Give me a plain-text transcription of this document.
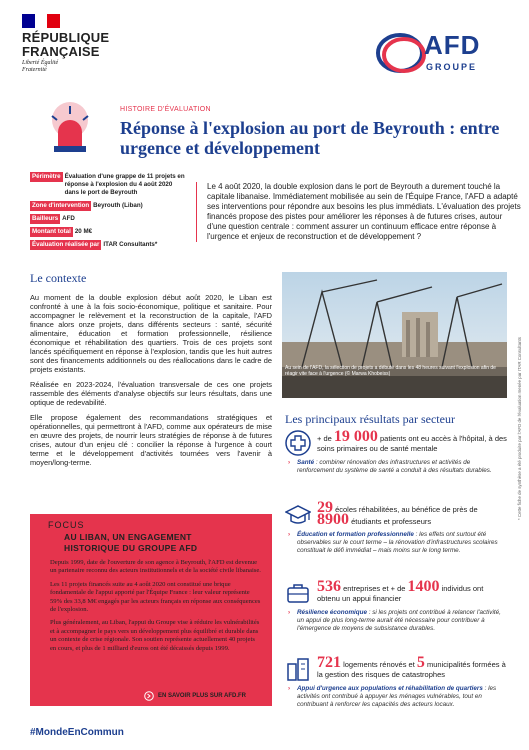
RÉPUBLIQUE FRANÇAISE
Liberté Égalité Fraternité
AFD
GROUPE
HISTOIRE D'ÉVALUATION
Réponse à l'explosion au port de Beyrouth : entre urgence et développement
Périmètre Évaluation d'une grappe de 11 projets en réponse à l'explosion du 4 août 2020 dans le port de Beyrouth
Zone d'intervention Beyrouth (Liban)
Bailleurs AFD
Montant total 20 M€
Évaluation réalisée par ITAR Consultants*
Le 4 août 2020, la double explosion dans le port de Beyrouth a durement touché la capitale libanaise. Immédiatement mobilisée au sein de l'Équipe France, l'AFD a adapté ses interventions pour répondre aux besoins les plus immédiats. L'évaluation des projets financés propose des pistes pour améliorer les réponses à de futures crises, autour d'une question centrale : comment assurer un continuum efficace entre réponse à l'urgence et enjeux de reconstruction et de développement ?
Le contexte

Au moment de la double explosion début août 2020, le Liban est confronté à une à la fois socio-économique, politique et sanitaire. Pour accompagner le relèvement et la reconstruction de la capitale, l'AFD finance alors onze projets, dans différents secteurs : santé, sécurité alimentaire, éducation et formation professionnelle, résilience économique et réhabilitation des quartiers. Trois de ces projets sont lancés spécifiquement en réponse à l'explosion, tandis que les huit autres sont des financements additionnels ou des réallocations dans le cadre de projets existants.

Réalisée en 2023-2024, l'évaluation transversale de ces one projets rassemble des éléments d'analyse objectifs sur leurs résultats, dans une optique de redevabilité.

Elle propose également des recommandations stratégiques et opérationnelles, qui permettront à l'AFD, comme aux opérateurs de mise en œuvre des projets, de nourrir leurs stratégies de réponse à de futures crises, autour d'un enjeu clé : concilier la réponse à l'urgence à court terme et le développement d'activités tournées vers l'avenir à moyen/long-terme.

Au sein de l'AFD, la sélection de projets a débuté dans les 48 heures suivant l'explosion afin de réagir vite face à l'urgence (© Marwa Khobeiss)
Les principaux résultats par secteur
+ de 19 000 patients ont eu accès à l'hôpital, à des soins primaires ou de santé mentale
› Santé : combiner rénovation des infrastructures et activités de renforcement du système de santé a conduit à des résultats durables.
29 écoles réhabilitées, au bénéfice de près de 8900 étudiants et professeurs
› Éducation et formation professionnelle : les effets ont surtout été observables sur le court terme – la rénovation d'infrastructures scolaires constituait le défi immédiat – mais moins sur le long terme.
536 entreprises et + de 1400 individus ont obtenu un appui financier
› Résilience économique : si les projets ont contribué à relancer l'activité, un appui de plus long-terme aurait été nécessaire pour contribuer à l'émergence de moyens de subsistance durables.
721 logements rénovés et 5 municipalités formées à la gestion des risques de catastrophes
› Appui d'urgence aux populations et réhabilitation de quartiers : les activités ont contribué à appuyer les ménages vulnérables, tout en contribuant à renforcer les capacités des acteurs locaux.
FOCUS
AU LIBAN, UN ENGAGEMENT
HISTORIQUE DU GROUPE AFD

Depuis 1999, date de l'ouverture de son agence à Beyrouth, l'AFD est devenue un partenaire reconnu des acteurs institutionnels et de la société civile libanaise.

Les 11 projets financés suite au 4 août 2020 ont constitué une brique fondamentale de l'appui apporté par l'Équipe France : leur valeur représente 59% des 33,8 M€ engagés par les acteurs français en réponse aux conséquences de l'explosion.

Plus généralement, au Liban, l'appui du Groupe vise à réduire les vulnérabilités et à accompagner le pays vers un développement plus équilibré et durable dans un contexte de crise régionale. Son soutien représente actuellement 40 projets en cours, et plus de 1 milliard d'euros ont été décaissés depuis 1999.

EN SAVOIR PLUS SUR AFD.FR
#MondeEnCommun
* Cette fiche de synthèse a été produite par l'AFD de l'évaluation menée par ITAR Consultants
